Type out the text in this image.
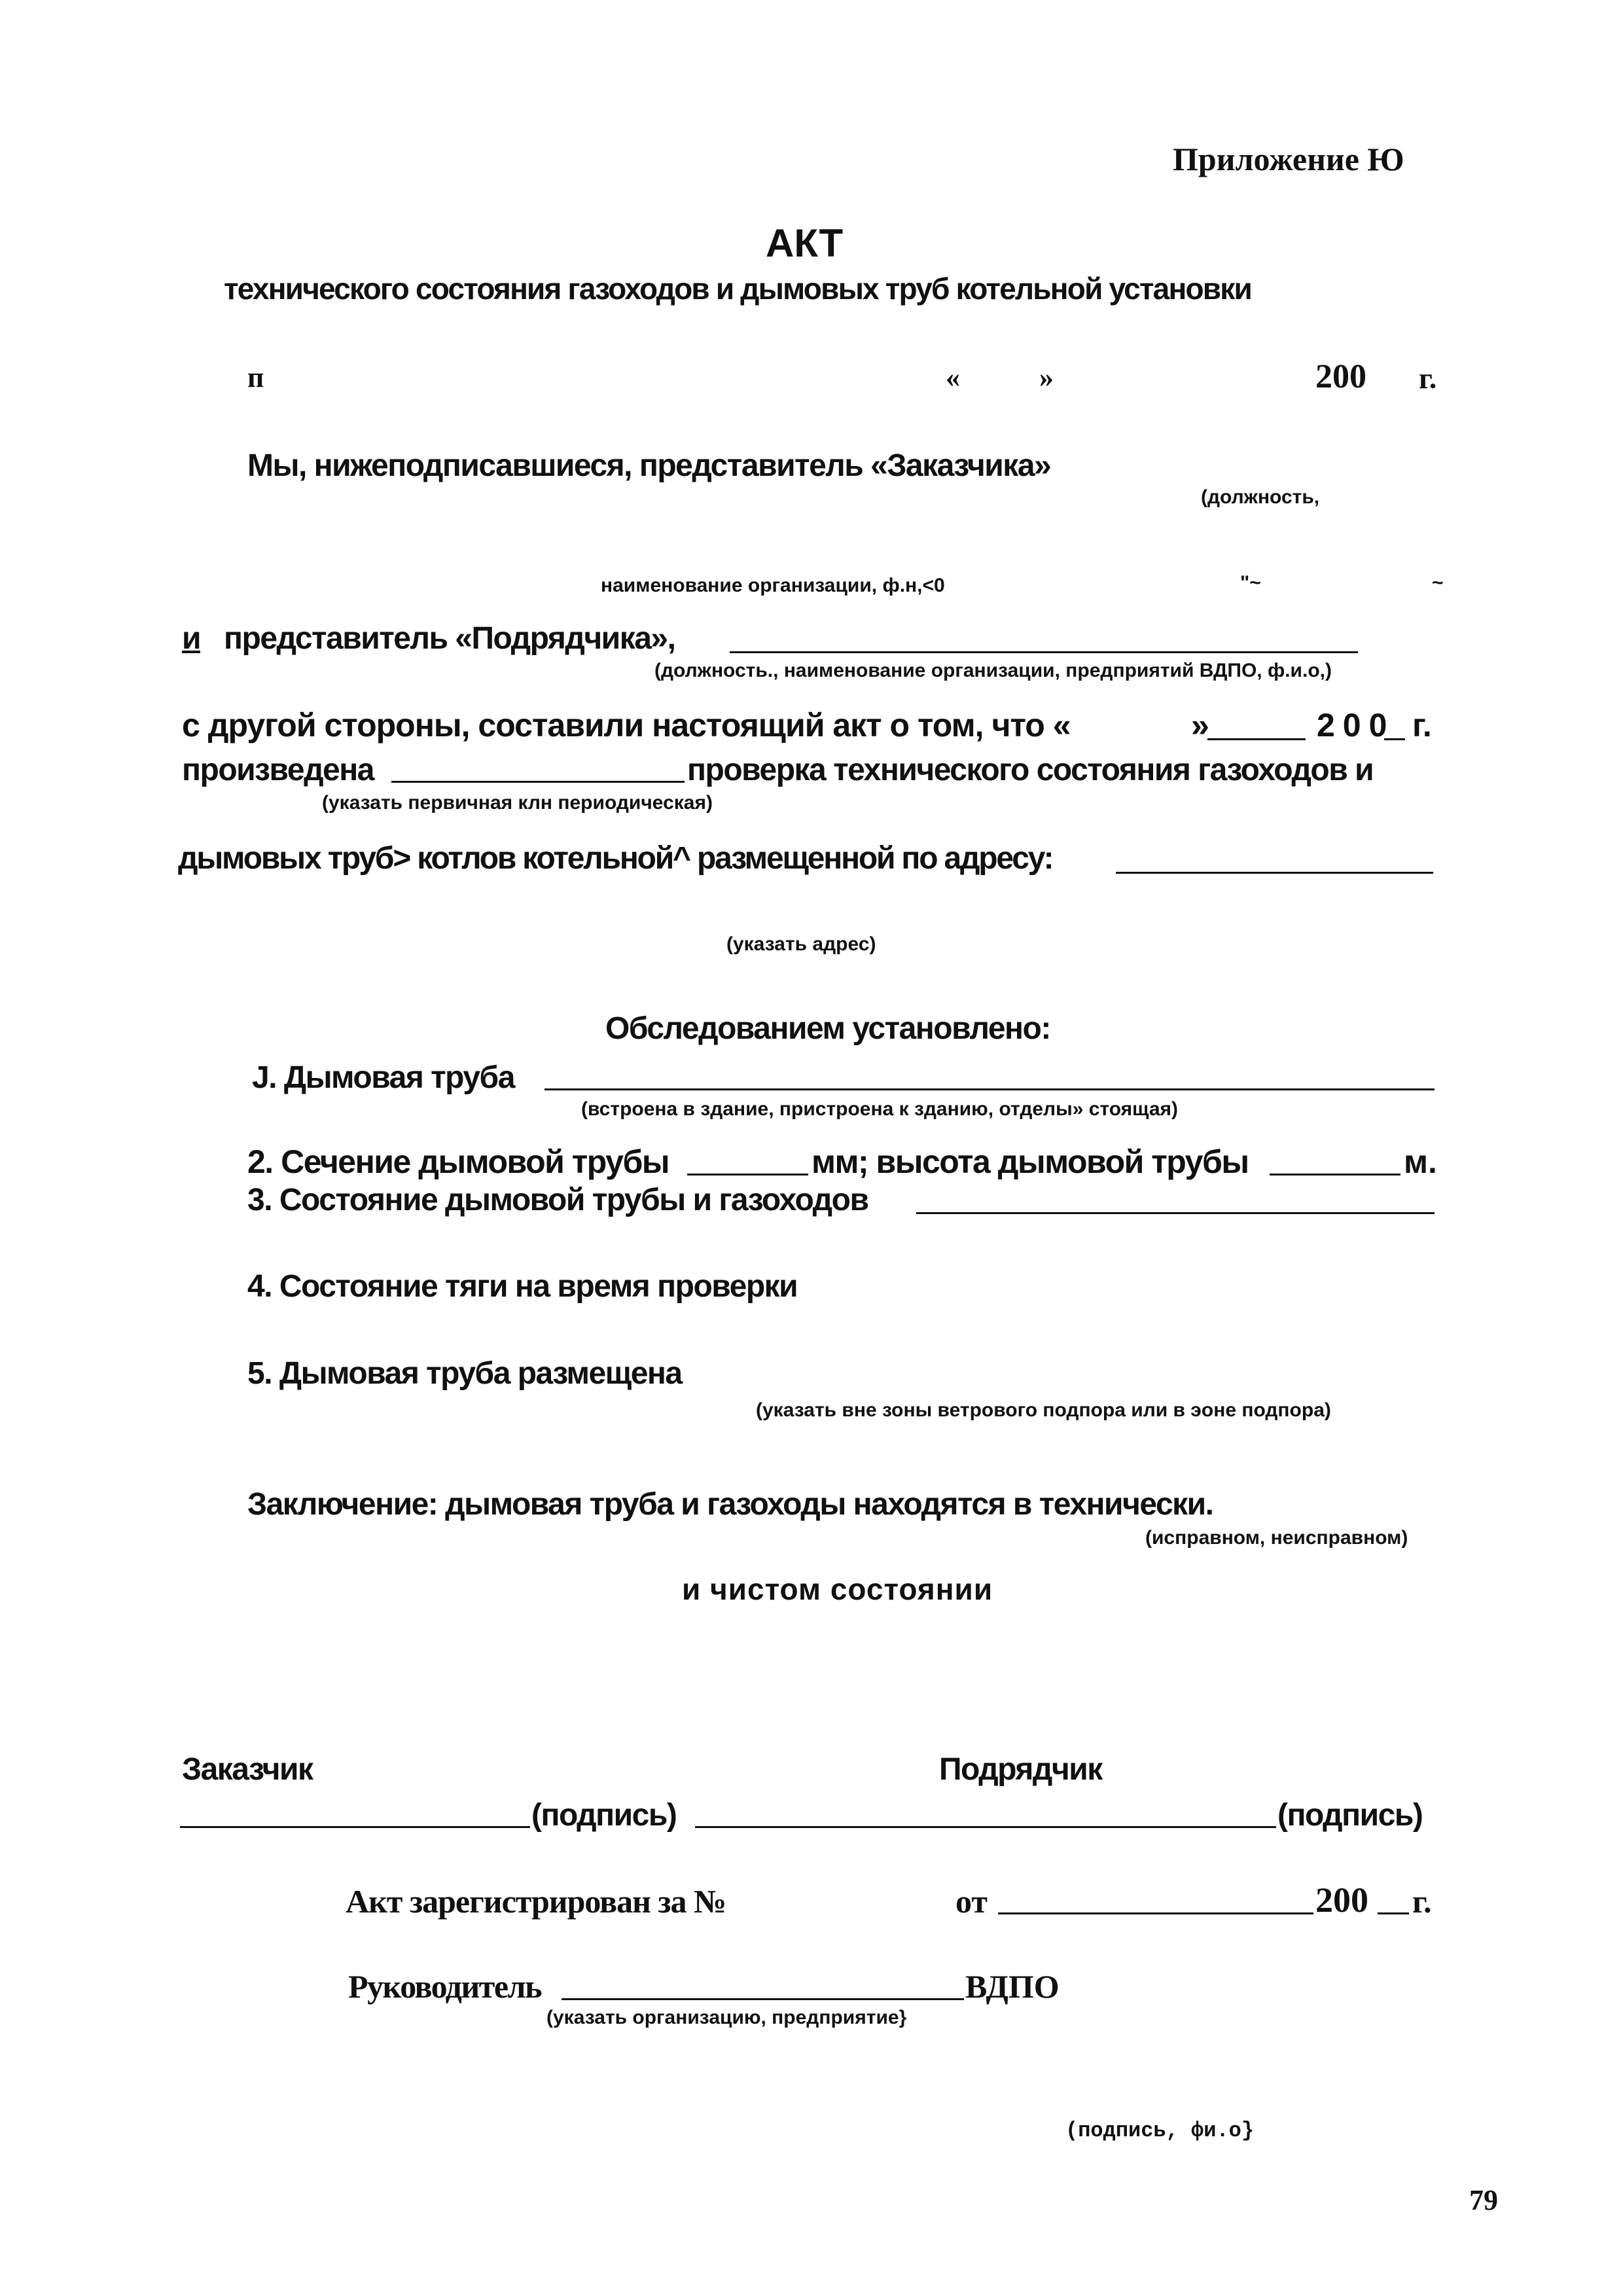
Приложение Ю
АКТ
технического состояния газоходов и дымовых труб котельной установки
п	«	»	200 г.
Мы, нижеподписавшиеся, представитель «Заказчика»
(должность,
наименование организации, ф.н,<0	"~	~
и представитель «Подрядчика»,
(должность., наименование организации, предприятий ВДПО, ф.и.о,)
с другой стороны, составили настоящий акт о том, что «	»	200 г.
произведена	проверка технического состояния газоходов и
(указать первичная клн периодическая)
дымовых труб> котлов котельной^ размещенной по адресу:
(указать адрес)
Обследованием установлено:
J. Дымовая труба
(встроена в здание, пристроена к зданию, отделы» стоящая)
2. Сечение дымовой трубы	мм; высота дымовой трубы	м.
3. Состояние дымовой трубы и газоходов
4. Состояние тяги на время проверки
5. Дымовая труба размещена
(указать вне зоны ветрового подпора или в эоне подпора)
Заключение: дымовая труба и газоходы находятся в технически.
(исправном, неисправном)
и чистом состоянии
Заказчик	Подрядчик
(подпись)	(подпись)
Акт зарегистрирован за №	от	200 г.
Руководитель	ВДПО
(указать организацию, предприятие}
(подпись, фи.о}
79
